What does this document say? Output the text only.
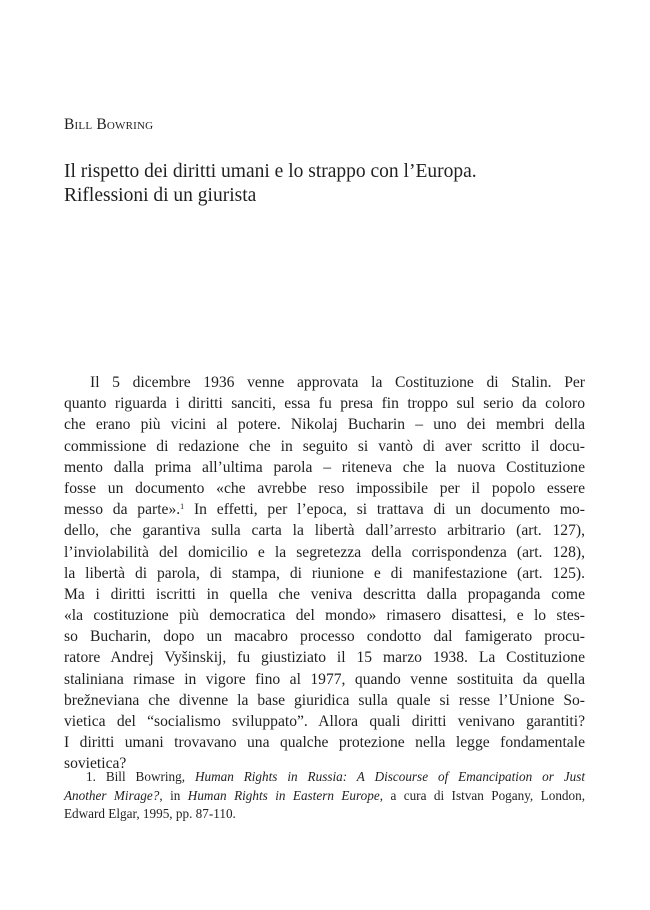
Bill Bowring
Il rispetto dei diritti umani e lo strappo con l’Europa.
Riflessioni di un giurista
Il 5 dicembre 1936 venne approvata la Costituzione di Stalin. Per
quanto riguarda i diritti sanciti, essa fu presa fin troppo sul serio da coloro
che erano più vicini al potere. Nikolaj Bucharin – uno dei membri della
commissione di redazione che in seguito si vantò di aver scritto il docu-
mento dalla prima all’ultima parola – riteneva che la nuova Costituzione
fosse un documento «che avrebbe reso impossibile per il popolo essere
messo da parte».$^1$ In effetti, per l’epoca, si trattava di un documento mo-
dello, che garantiva sulla carta la libertà dall’arresto arbitrario (art. 127),
l’inviolabilità del domicilio e la segretezza della corrispondenza (art. 128),
la libertà di parola, di stampa, di riunione e di manifestazione (art. 125).
Ma i diritti iscritti in quella che veniva descritta dalla propaganda come
«la costituzione più democratica del mondo» rimasero disattesi, e lo stes-
so Bucharin, dopo un macabro processo condotto dal famigerato procu-
ratore Andrej Vyšinskij, fu giustiziato il 15 marzo 1938. La Costituzione
staliniana rimase in vigore fino al 1977, quando venne sostituita da quella
brežneviana che divenne la base giuridica sulla quale si resse l’Unione So-
vietica del “socialismo sviluppato”. Allora quali diritti venivano garantiti?
I diritti umani trovavano una qualche protezione nella legge fondamentale
sovietica?
1. Bill Bowring, Human Rights in Russia: A Discourse of Emancipation or Just
Another Mirage?, in Human Rights in Eastern Europe, a cura di Istvan Pogany, London,
Edward Elgar, 1995, pp. 87-110.
